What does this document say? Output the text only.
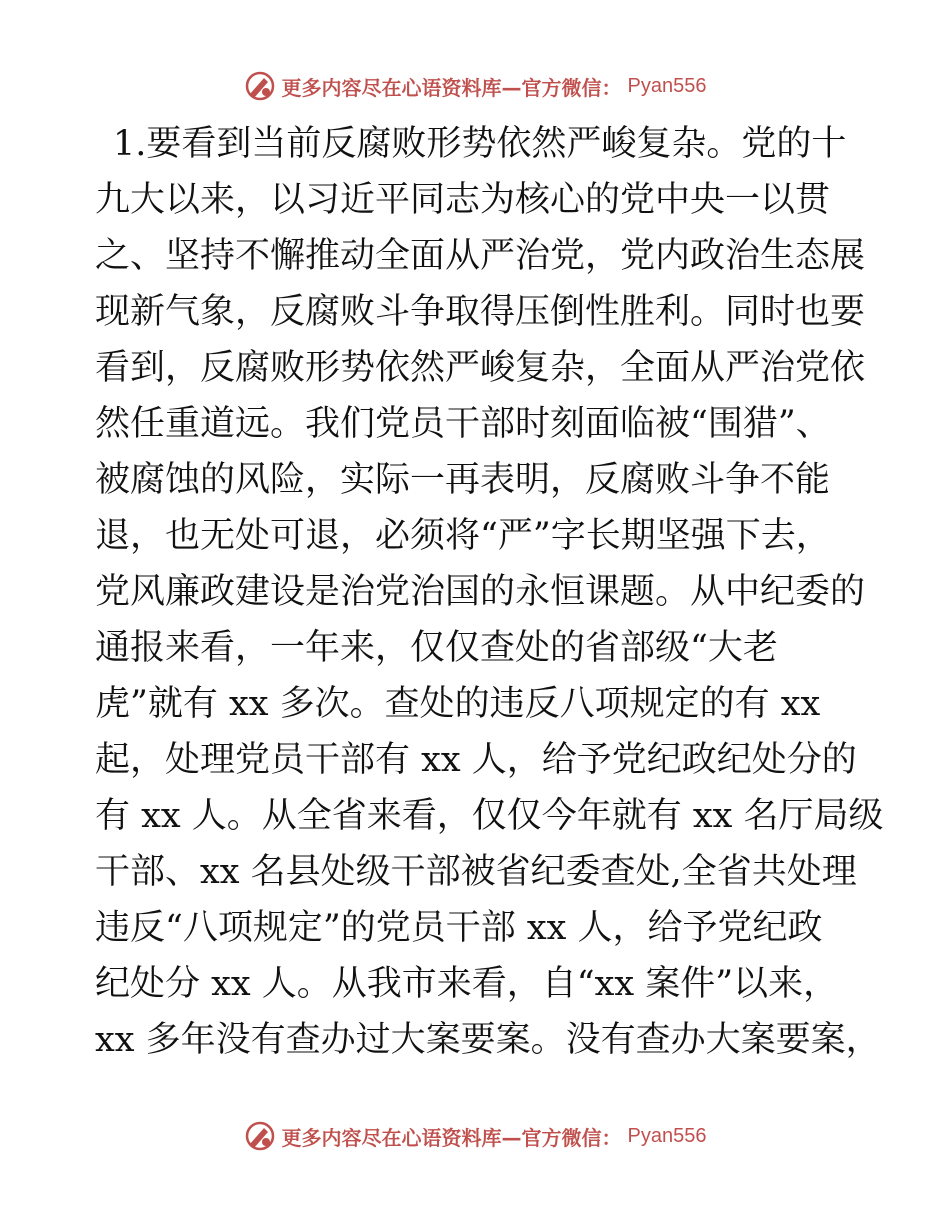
更多内容尽在心语资料库—官方微信： Pyan556
1.要看到当前反腐败形势依然严峻复杂。党的十
九大以来，以习近平同志为核心的党中央一以贯
之、坚持不懈推动全面从严治党，党内政治生态展
现新气象，反腐败斗争取得压倒性胜利。同时也要
看到，反腐败形势依然严峻复杂，全面从严治党依
然任重道远。我们党员干部时刻面临被“围猎”、
被腐蚀的风险，实际一再表明，反腐败斗争不能
退，也无处可退，必须将“严”字长期坚强下去，
党风廉政建设是治党治国的永恒课题。从中纪委的
通报来看，一年来，仅仅查处的省部级“大老
虎”就有 xx 多次。查处的违反八项规定的有 xx
起，处理党员干部有 xx 人，给予党纪政纪处分的
有 xx 人。从全省来看，仅仅今年就有 xx 名厅局级
干部、xx 名县处级干部被省纪委查处,全省共处理
违反“八项规定”的党员干部 xx 人，给予党纪政
纪处分 xx 人。从我市来看，自“xx 案件”以来，
xx 多年没有查办过大案要案。没有查办大案要案，
更多内容尽在心语资料库—官方微信： Pyan556
